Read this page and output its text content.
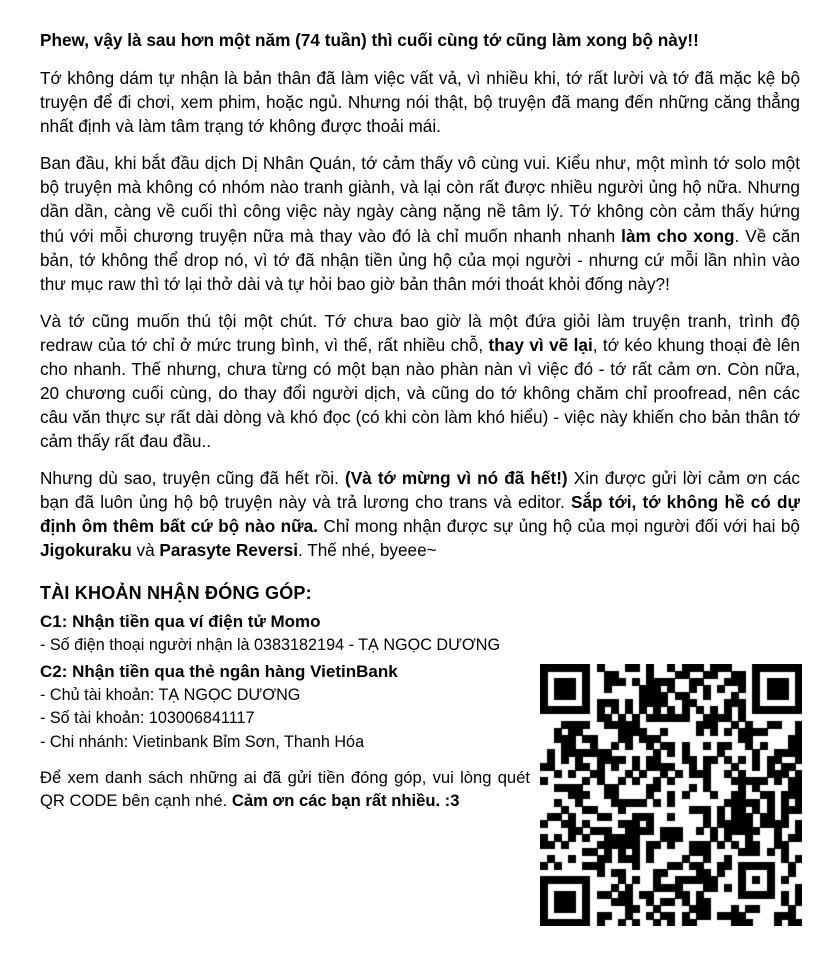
Phew, vậy là sau hơn một năm (74 tuần) thì cuối cùng tớ cũng làm xong bộ này!!

Tớ không dám tự nhận là bản thân đã làm việc vất vả, vì nhiều khi, tớ rất lười và tớ đã mặc kệ bộ truyện để đi chơi, xem phim, hoặc ngủ. Nhưng nói thật, bộ truyện đã mang đến những căng thẳng nhất định và làm tâm trạng tớ không được thoải mái.

Ban đầu, khi bắt đầu dịch Dị Nhân Quán, tớ cảm thấy vô cùng vui. Kiểu như, một mình tớ solo một bộ truyện mà không có nhóm nào tranh giành, và lại còn rất được nhiều người ủng hộ nữa. Nhưng dần dần, càng về cuối thì công việc này ngày càng nặng nề tâm lý. Tớ không còn cảm thấy hứng thú với mỗi chương truyện nữa mà thay vào đó là chỉ muốn nhanh nhanh làm cho xong. Về căn bản, tớ không thể drop nó, vì tớ đã nhận tiền ủng hộ của mọi người - nhưng cứ mỗi lần nhìn vào thư mục raw thì tớ lại thở dài và tự hỏi bao giờ bản thân mới thoát khỏi đống này?!

Và tớ cũng muốn thú tội một chút. Tớ chưa bao giờ là một đứa giỏi làm truyện tranh, trình độ redraw của tớ chỉ ở mức trung bình, vì thế, rất nhiều chỗ, thay vì vẽ lại, tớ kéo khung thoại đè lên cho nhanh. Thế nhưng, chưa từng có một bạn nào phàn nàn vì việc đó - tớ rất cảm ơn. Còn nữa, 20 chương cuối cùng, do thay đổi người dịch, và cũng do tớ không chăm chỉ proofread, nên các câu văn thực sự rất dài dòng và khó đọc (có khi còn làm khó hiểu) - việc này khiến cho bản thân tớ cảm thấy rất đau đầu..

Nhưng dù sao, truyện cũng đã hết rồi. (Và tớ mừng vì nó đã hết!) Xin được gửi lời cảm ơn các bạn đã luôn ủng hộ bộ truyện này và trả lương cho trans và editor. Sắp tới, tớ không hề có dự định ôm thêm bất cứ bộ nào nữa. Chỉ mong nhận được sự ủng hộ của mọi người đối với hai bộ Jigokuraku và Parasyte Reversi. Thế nhé, byeee~

TÀI KHOẢN NHẬN ĐÓNG GÓP:
C1: Nhận tiền qua ví điện tử Momo
- Số điện thoại người nhận là 0383182194 - TẠ NGỌC DƯƠNG
C2: Nhận tiền qua thẻ ngân hàng VietinBank
- Chủ tài khoản: TẠ NGỌC DƯƠNG
- Số tài khoản: 103006841117
- Chi nhánh: Vietinbank Bỉm Sơn, Thanh Hóa

Để xem danh sách những ai đã gửi tiền đóng góp, vui lòng quét QR CODE bên cạnh nhé. Cảm ơn các bạn rất nhiều. :3
